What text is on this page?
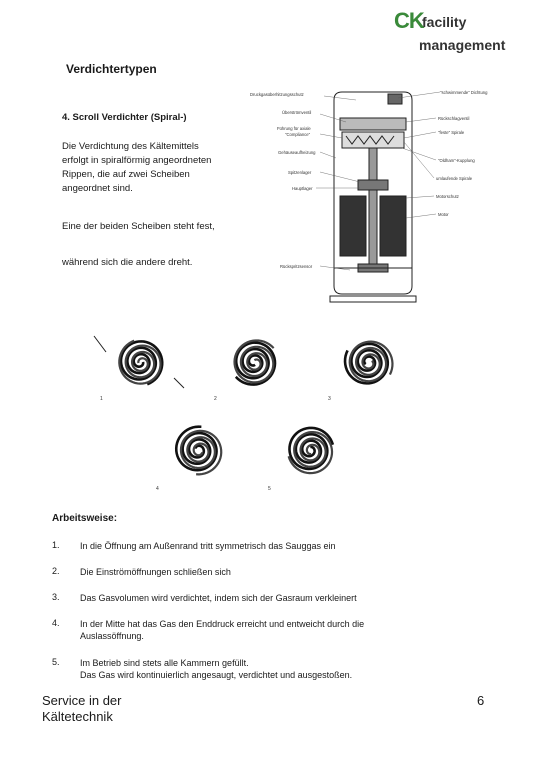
CK
facility
management
Verdichtertypen
4. Scroll Verdichter (Spiral-)
Die Verdichtung des Kältemittels
erfolgt in spiralförmig angeordneten
Rippen, die auf zwei Scheiben
angeordnet sind.
Eine der beiden Scheiben steht fest,
während sich die andere dreht.
Druckgasüberhitzungsschutz
Überströmventil
Führung für axiale
"Compliance"
Gehäuseaufheizung
Spitzenlager
Hauptlager
Rückspritzsensor
"schwimmende" Dichtung
Rückschlagventil
"feste" Spirale
"Oldham"-Kupplung
umlaufende Spirale
Motorschutz
Motor
1	2	3
4	5
Arbeitsweise:
1. In die Öffnung am Außenrand tritt symmetrisch das Sauggas ein
2. Die Einströmöffnungen schließen sich
3. Das Gasvolumen wird verdichtet, indem sich der Gasraum verkleinert
4. In der Mitte hat das Gas den Enddruck erreicht und entweicht durch die
Auslassöffnung.
5. Im Betrieb sind stets alle Kammern gefüllt.
Das Gas wird kontinuierlich angesaugt, verdichtet und ausgestoßen.
Service in der
Kältetechnik
6
